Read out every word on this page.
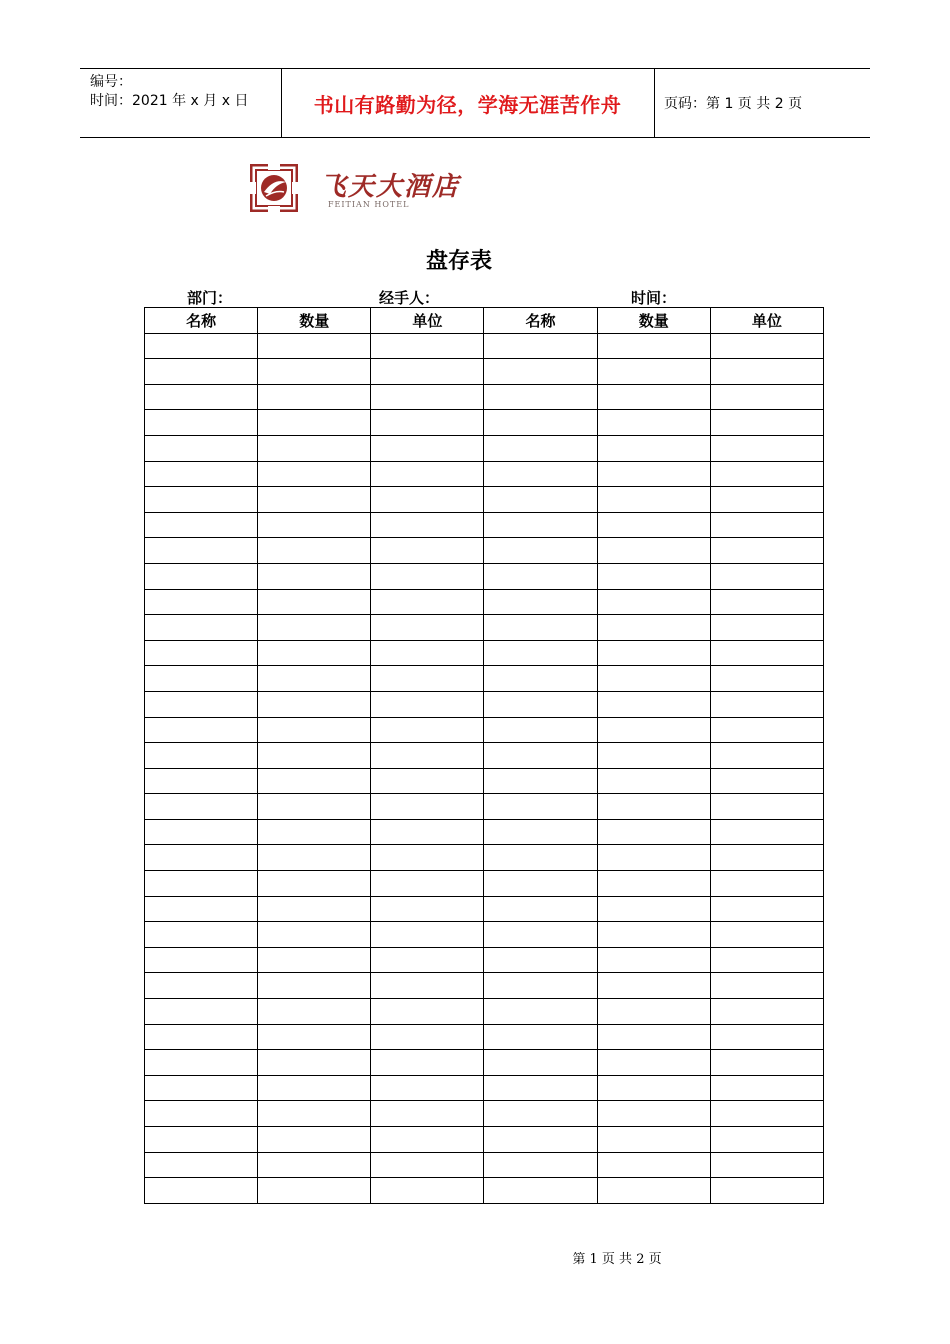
编号：
时间：2021 年 x 月 x 日	书山有路勤为径，学海无涯苦作舟	页码：第 1 页 共 2 页
飞天大酒店
FEITIAN HOTEL
盘存表
部门：	经手人：	时间：
名称	数量	单位	名称	数量	单位

第 1 页 共 2 页
